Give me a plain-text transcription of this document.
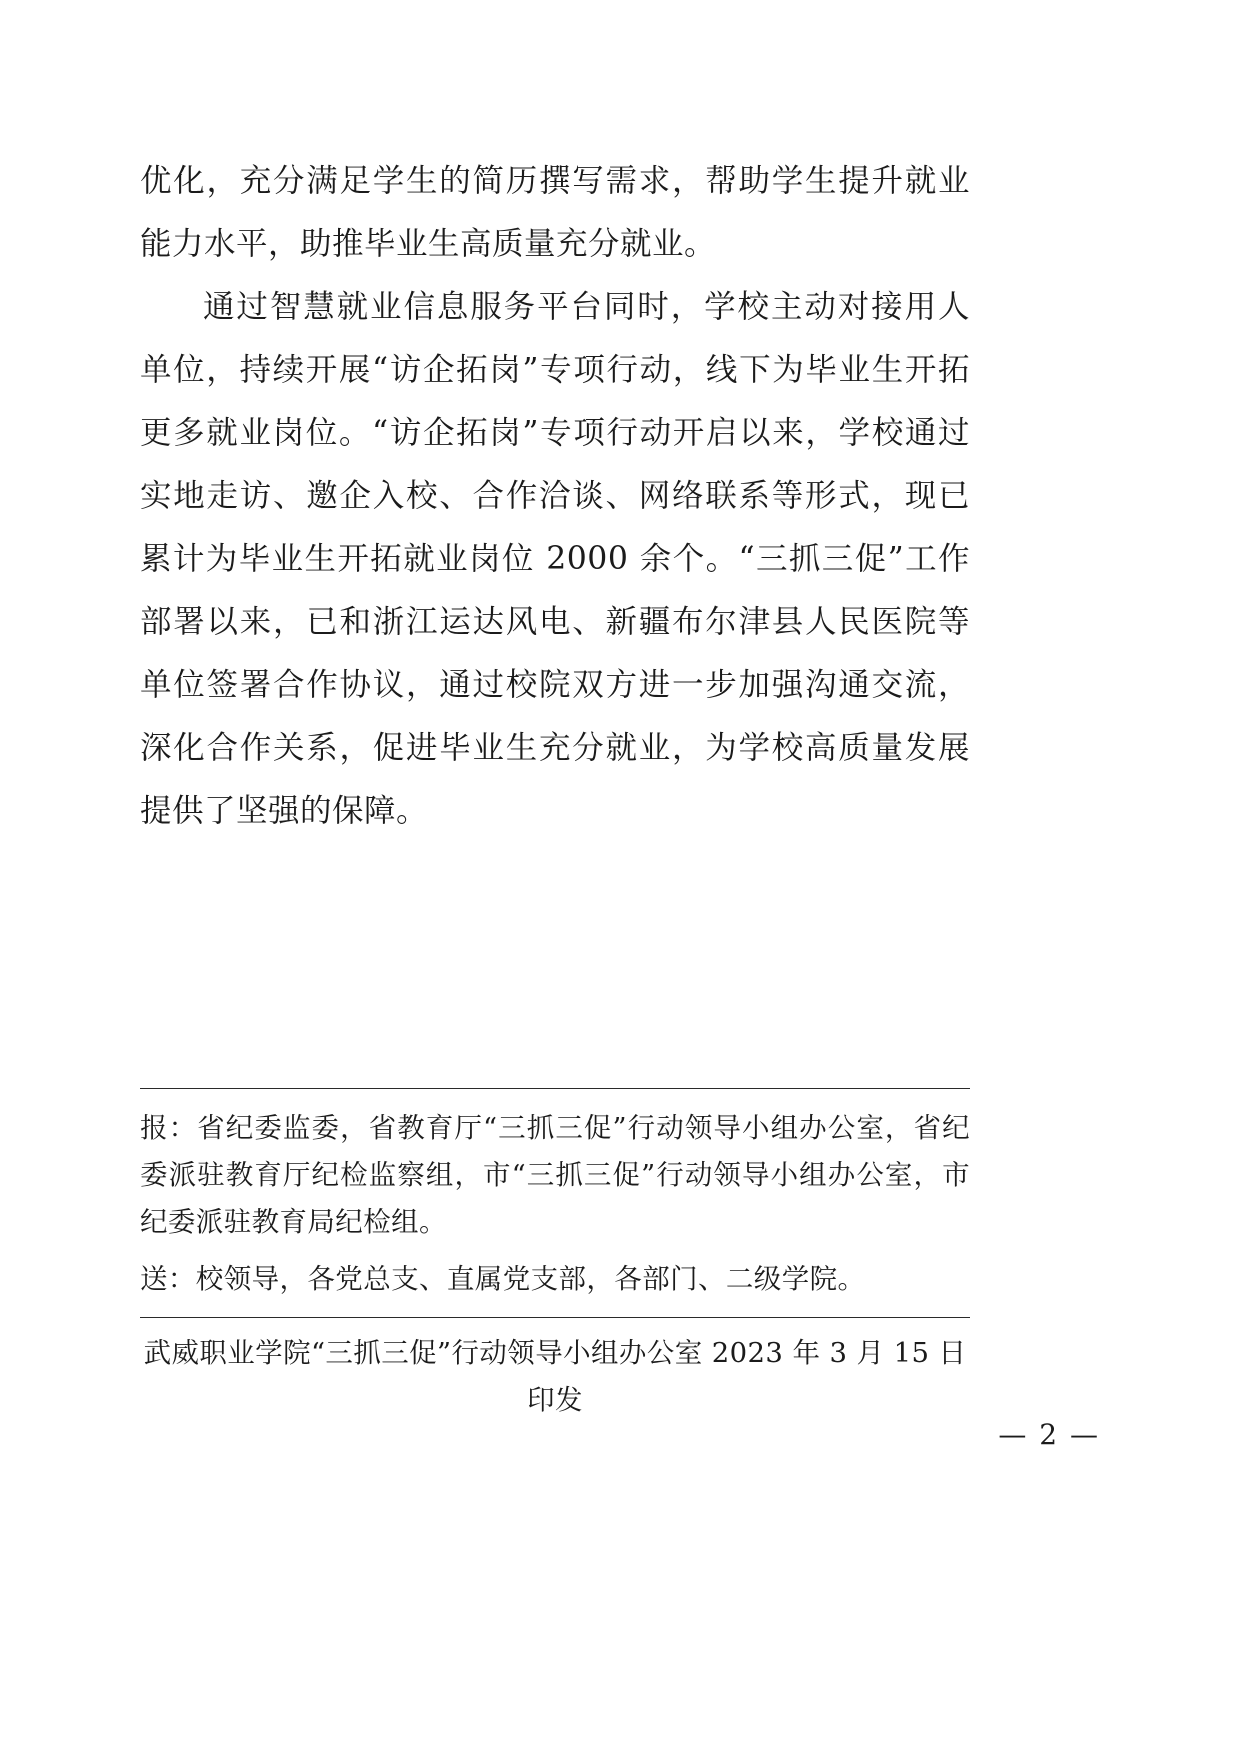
优化，充分满足学生的简历撰写需求，帮助学生提升就业能力水平，助推毕业生高质量充分就业。

通过智慧就业信息服务平台同时，学校主动对接用人单位，持续开展“访企拓岗”专项行动，线下为毕业生开拓更多就业岗位。“访企拓岗”专项行动开启以来，学校通过实地走访、邀企入校、合作洽谈、网络联系等形式，现已累计为毕业生开拓就业岗位 2000 余个。“三抓三促”工作部署以来，已和浙江运达风电、新疆布尔津县人民医院等单位签署合作协议，通过校院双方进一步加强沟通交流，深化合作关系，促进毕业生充分就业，为学校高质量发展提供了坚强的保障。

报：省纪委监委，省教育厅“三抓三促”行动领导小组办公室，省纪委派驻教育厅纪检监察组，市“三抓三促”行动领导小组办公室，市纪委派驻教育局纪检组。

送：校领导，各党总支、直属党支部，各部门、二级学院。

武威职业学院“三抓三促”行动领导小组办公室 2023 年 3 月 15 日印发

— 2 —
